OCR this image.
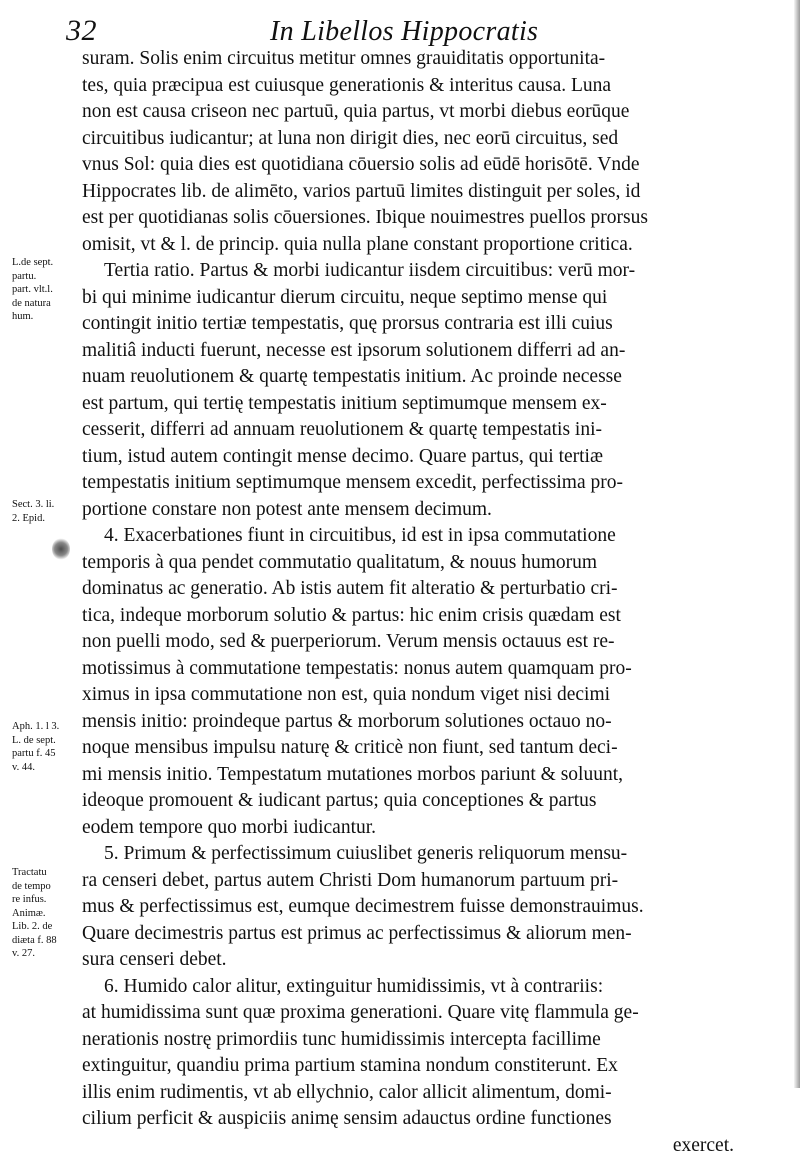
32	In Libellos Hippocratis
L.de sept.
partu.
part. vlt.l.
de natura
hum.
Sect. 3. li.
2. Epid.
Aph. 1. l 3.
L. de sept.
partu f. 45
v. 44.
Tractatu
de tempo
re infus.
Animæ.
Lib. 2. de
diæta f. 88
v. 27.
suram. Solis enim circuitus metitur omnes grauiditatis opportunita-
tes, quia præcipua est cuiusque generationis & interitus causa. Luna
non est causa criseon nec partuū, quia partus, vt morbi diebus eorūque
circuitibus iudicantur; at luna non dirigit dies, nec eorū circuitus, sed
vnus Sol: quia dies est quotidiana cōuersio solis ad eūdē horisōtē. Vnde
Hippocrates lib. de alimēto, varios partuū limites distinguit per soles, id
est per quotidianas solis cōuersiones. Ibique nouimestres puellos prorsus
omisit, vt & l. de princip. quia nulla plane constant proportione critica.
Tertia ratio. Partus & morbi iudicantur iisdem circuitibus: verū mor-
bi qui minime iudicantur dierum circuitu, neque septimo mense qui
contingit initio tertiæ tempestatis, quę prorsus contraria est illi cuius
malitiâ inducti fuerunt, necesse est ipsorum solutionem differri ad an-
nuam reuolutionem & quartę tempestatis initium. Ac proinde necesse
est partum, qui tertię tempestatis initium septimumque mensem ex-
cesserit, differri ad annuam reuolutionem & quartę tempestatis ini-
tium, istud autem contingit mense decimo. Quare partus, qui tertiæ
tempestatis initium septimumque mensem excedit, perfectissima pro-
portione constare non potest ante mensem decimum.
4. Exacerbationes fiunt in circuitibus, id est in ipsa commutatione
temporis à qua pendet commutatio qualitatum, & nouus humorum
dominatus ac generatio. Ab istis autem fit alteratio & perturbatio cri-
tica, indeque morborum solutio & partus: hic enim crisis quædam est
non puelli modo, sed & puerperiorum. Verum mensis octauus est re-
motissimus à commutatione tempestatis: nonus autem quamquam pro-
ximus in ipsa commutatione non est, quia nondum viget nisi decimi
mensis initio: proindeque partus & morborum solutiones octauo no-
noque mensibus impulsu naturę & criticè non fiunt, sed tantum deci-
mi mensis initio. Tempestatum mutationes morbos pariunt & soluunt,
ideoque promouent & iudicant partus; quia conceptiones & partus
eodem tempore quo morbi iudicantur.
5. Primum & perfectissimum cuiuslibet generis reliquorum mensu-
ra censeri debet, partus autem Christi Dom humanorum partuum pri-
mus & perfectissimus est, eumque decimestrem fuisse demonstrauimus.
Quare decimestris partus est primus ac perfectissimus & aliorum men-
sura censeri debet.
6. Humido calor alitur, extinguitur humidissimis, vt à contrariis:
at humidissima sunt quæ proxima generationi. Quare vitę flammula ge-
nerationis nostrę primordiis tunc humidissimis intercepta facillime
extinguitur, quandiu prima partium stamina nondum constiterunt. Ex
illis enim rudimentis, vt ab ellychnio, calor allicit alimentum, domi-
cilium perficit & auspiciis animę sensim adauctus ordine functiones
exercet.
